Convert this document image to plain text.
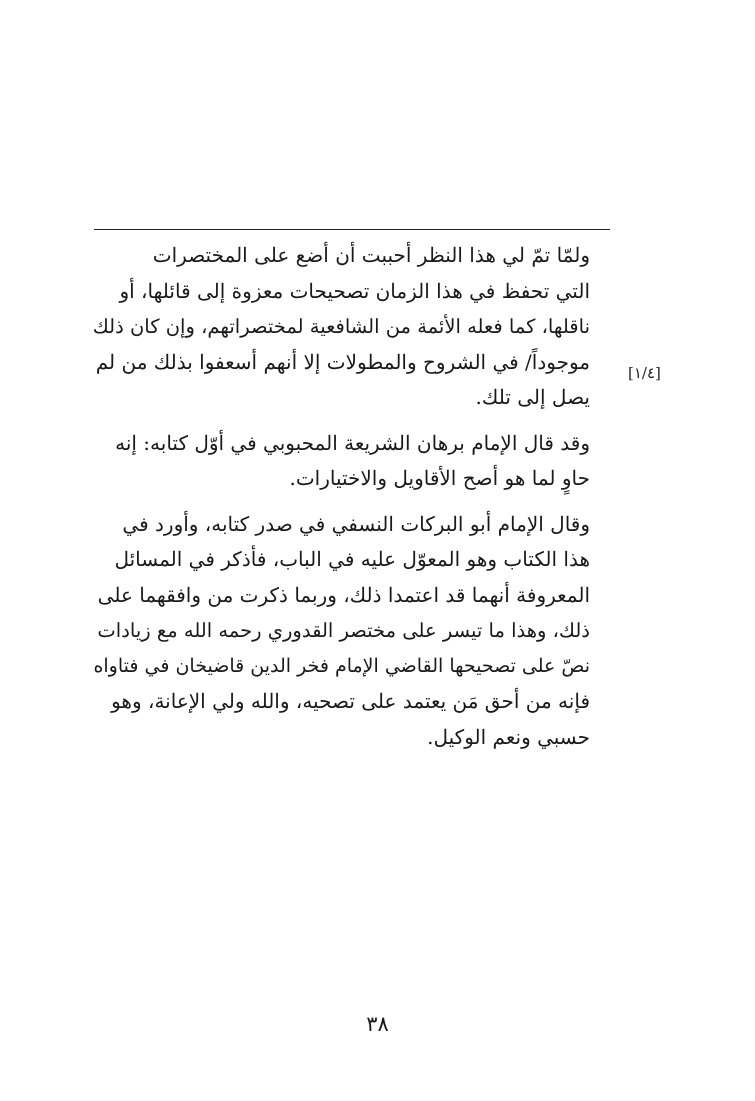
[١/٤]

ولمّا تمّ لي هذا النظر أحببت أن أضع على المختصرات
التي تحفظ في هذا الزمان تصحيحات معزوة إلى قائلها، أو
ناقلها، كما فعله الأئمة من الشافعية لمختصراتهم، وإن كان ذلك
موجوداً/ في الشروح والمطولات إلا أنهم أسعفوا بذلك من لم
يصل إلى تلك.

وقد قال الإمام برهان الشريعة المحبوبي في أوّل كتابه: إنه
حاوٍ لما هو أصح الأقاويل والاختيارات.

وقال الإمام أبو البركات النسفي في صدر كتابه، وأورد في
هذا الكتاب وهو المعوّل عليه في الباب، فأذكر في المسائل
المعروفة أنهما قد اعتمدا ذلك، وربما ذكرت من وافقهما على
ذلك، وهذا ما تيسر على مختصر القدوري رحمه الله مع زيادات
نصّ على تصحيحها القاضي الإمام فخر الدين قاضيخان في فتاواه
فإنه من أحق مَن يعتمد على تصحيه، والله ولي الإعانة، وهو
حسبي ونعم الوكيل.

٣٨
